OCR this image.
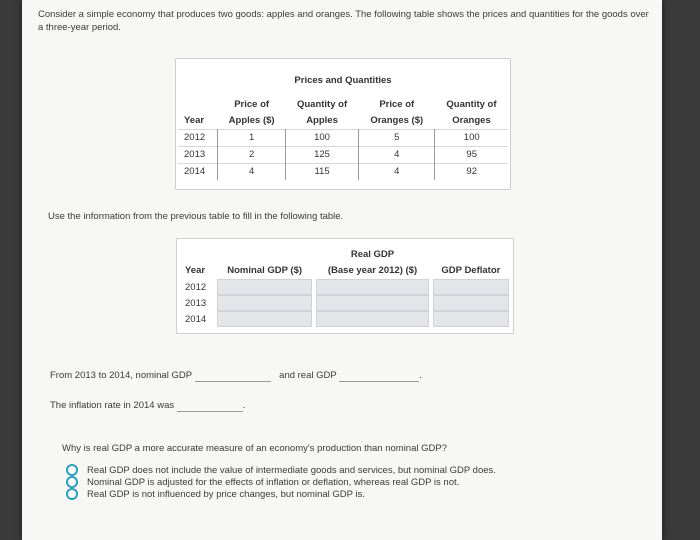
Consider a simple economy that produces two goods: apples and oranges. The following table shows the prices and quantities for the goods over a three-year period.
Prices and Quantities
	Price of	Quantity of	Price of	Quantity of
Year	Apples ($)	Apples	Oranges ($)	Oranges
2012	1	100	5	100
2013	2	125	4	95
2014	4	115	4	92
Use the information from the previous table to fill in the following table.
		Real GDP	
Year	Nominal GDP ($)	(Base year 2012) ($)	GDP Deflator
2012	

2013	

2014	

From 2013 to 2014, nominal GDP	and real GDP	.
The inflation rate in 2014 was	.
Why is real GDP a more accurate measure of an economy's production than nominal GDP?
Real GDP does not include the value of intermediate goods and services, but nominal GDP does.
Nominal GDP is adjusted for the effects of inflation or deflation, whereas real GDP is not.
Real GDP is not influenced by price changes, but nominal GDP is.
